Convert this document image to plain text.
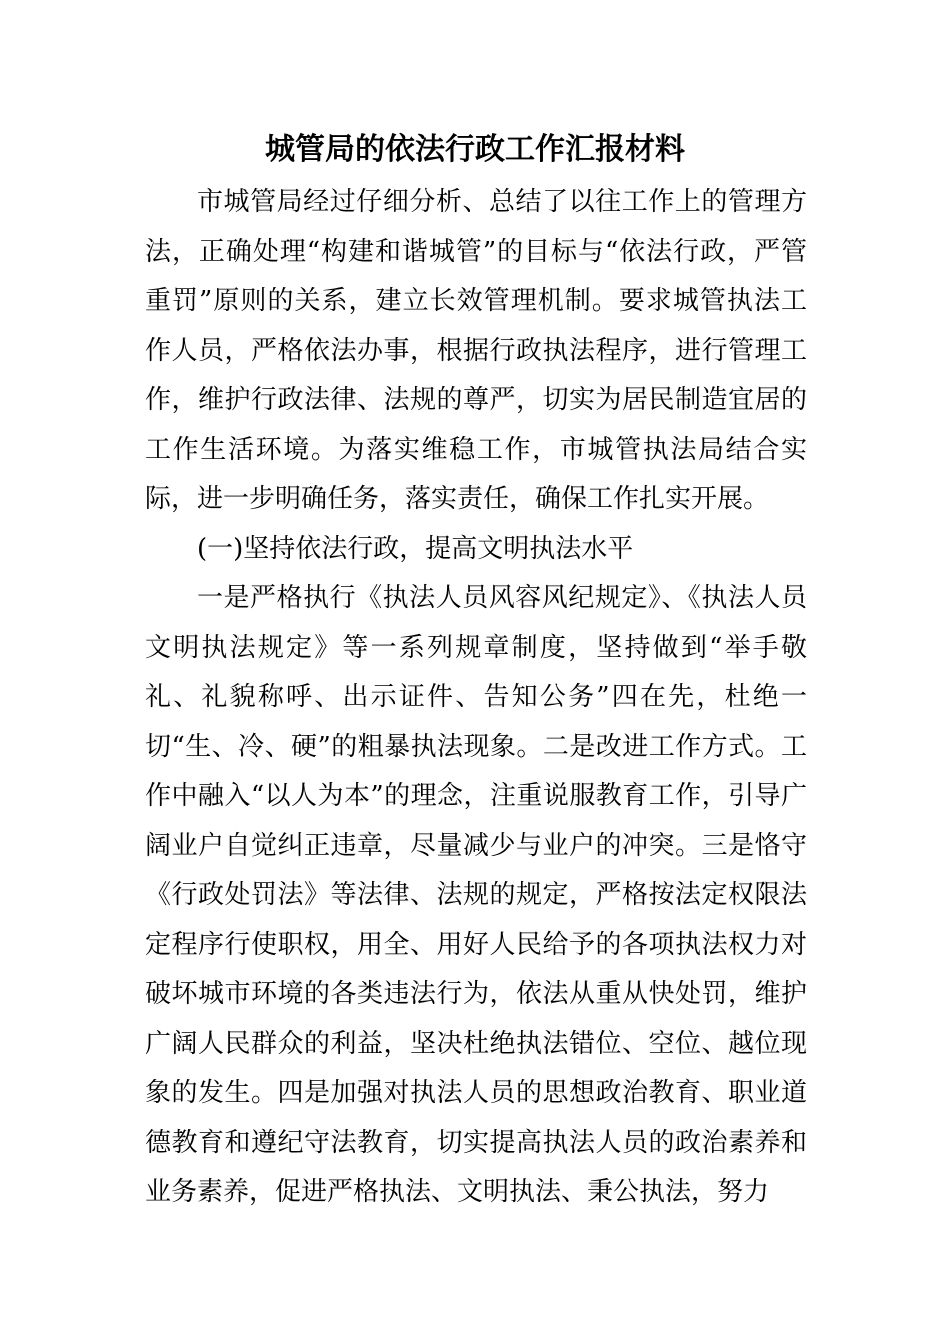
城管局的依法行政工作汇报材料

市城管局经过仔细分析、总结了以往工作上的管理方法，正确处理“构建和谐城管”的目标与“依法行政，严管重罚”原则的关系，建立长效管理机制。要求城管执法工作人员，严格依法办事，根据行政执法程序，进行管理工作，维护行政法律、法规的尊严，切实为居民制造宜居的工作生活环境。为落实维稳工作，市城管执法局结合实际，进一步明确任务，落实责任，确保工作扎实开展。

(一)坚持依法行政，提高文明执法水平

一是严格执行《执法人员风容风纪规定》、《执法人员文明执法规定》等一系列规章制度，坚持做到“举手敬礼、礼貌称呼、出示证件、告知公务”四在先，杜绝一切“生、冷、硬”的粗暴执法现象。二是改进工作方式。工作中融入“以人为本”的理念，注重说服教育工作，引导广阔业户自觉纠正违章，尽量减少与业户的冲突。三是恪守《行政处罚法》等法律、法规的规定，严格按法定权限法定程序行使职权，用全、用好人民给予的各项执法权力对破坏城市环境的各类违法行为，依法从重从快处罚，维护广阔人民群众的利益，坚决杜绝执法错位、空位、越位现象的发生。四是加强对执法人员的思想政治教育、职业道德教育和遵纪守法教育，切实提高执法人员的政治素养和业务素养，促进严格执法、文明执法、秉公执法，努力
